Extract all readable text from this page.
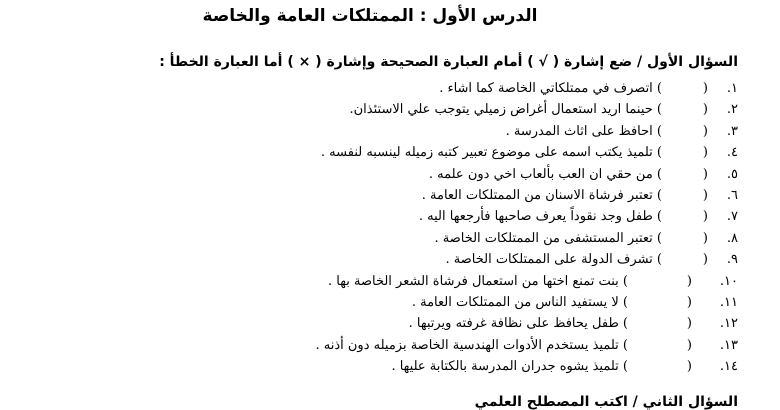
الدرس الأول : الممتلكات العامة والخاصة
السؤال الأول / ضع إشارة ( √ ) أمام العبارة الصحيحة وإشارة ( × ) أما العبارة الخطأ :
١.
(
) اتصرف في ممتلكاتي الخاصة كما اشاء .
٢.
(
) حينما اريد استعمال أغراض زميلي يتوجب علي الاستئذان.
٣.
(
) احافظ على اثاث المدرسة .
٤.
(
) تلميذ يكتب اسمه على موضوع تعبير كتبه زميله لينسبه لنفسه .
٥.
(
) من حقي ان العب بألعاب اخي دون علمه .
٦.
(
) تعتبر فرشاة الاسنان من الممتلكات العامة .
٧.
(
) طفل وجد نقوداً يعرف صاحبها فأرجعها اليه .
٨.
(
) تعتبر المستشفى من الممتلكات الخاصة .
٩.
(
) تشرف الدولة على الممتلكات الخاصة .
١٠.
(
) بنت تمنع اختها من استعمال فرشاة الشعر الخاصة بها .
١١.
(
) لا يستفيد الناس من الممتلكات العامة .
١٢.
(
) طفل يحافظ على نظافة غرفته ويرتبها .
١٣.
(
) تلميذ يستخدم الأدوات الهندسية الخاصة بزميله دون أذنه .
١٤.
(
) تلميذ يشوه جدران المدرسة بالكتابة عليها .
السؤال الثاني / اكتب المصطلح العلمي
